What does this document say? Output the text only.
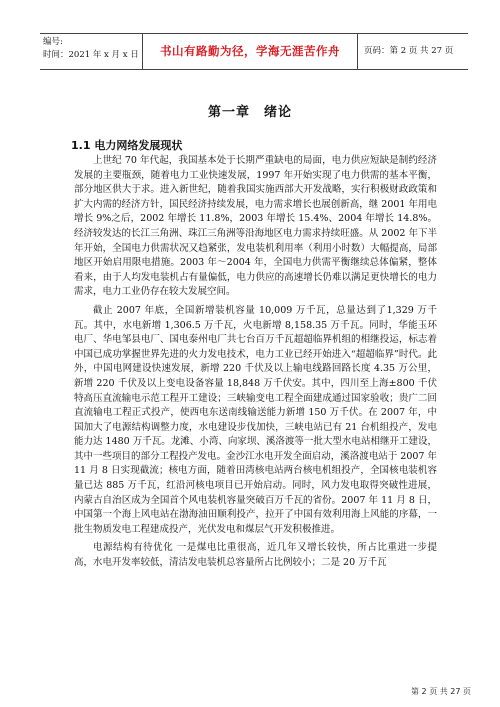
编号:
时间：2021 年 x 月 x 日 书山有路勤为径，学海无涯苦作舟	页码：第 2 页 共 27 页
第一章　绪论
1.1 电力网络发展现状

上世纪 70 年代起，我国基本处于长期严重缺电的局面，电力供应短缺是制约经济发展的主要瓶颈，随着电力工业快速发展，1997 年开始实现了电力供需的基本平衡，部分地区供大于求。进入新世纪，随着我国实施西部大开发战略，实行积极财政政策和扩大内需的经济方针，国民经济持续发展，电力需求增长也展创新高，继 2001 年用电增长 9%之后，2002 年增长 11.8%，2003 年增长 15.4%、2004 年增长 14.8%。经济较发达的长江三角洲、珠江三角洲等沿海地区电力需求持续旺盛。从 2002 年下半年开始，全国电力供需状况又趋紧张，发电装机利用率（利用小时数）大幅提高，局部地区开始启用限电措施。2003 年～2004 年，全国电力供需平衡继续总体偏紧，整体看来，由于人均发电装机占有量偏低，电力供应的高速增长仍难以满足更快增长的电力需求，电力工业仍存在较大发展空间。

截止 2007 年底，全国新增装机容量 10,009 万千瓦，总量达到了1,329 万千瓦。其中，水电新增 1,306.5 万千瓦，火电新增 8,158.35 万千瓦。同时，华能玉环电厂、华电邹县电厂、国电泰州电厂共七台百万千瓦超超临界机组的相继投运，标志着中国已成功掌握世界先进的火力发电技术，电力工业已经开始进入“超超临界”时代。此外，中国电网建设快速发展，新增 220 千伏及以上输电线路回路长度 4.35 万公里，新增 220 千伏及以上变电设备容量 18,848 万千伏安。其中，四川至上海±800 千伏特高压直流输电示范工程开工建设；三峡输变电工程全面建成通过国家验收；贵广二回直流输电工程正式投产，使西电东送南线输送能力新增 150 万千伏。在 2007 年，中国加大了电源结构调整力度，水电建设步伐加快，三峡电站已有 21 台机组投产，发电能力达 1480 万千瓦。龙滩、小湾、向家坝、溪洛渡等一批大型水电站相继开工建设，其中一些项目的部分工程投产发电。金沙江水电开发全面启动，溪洛渡电站于 2007 年 11 月 8 日实现截流；核电方面，随着田湾核电站两台核电机组投产，全国核电装机容量已达 885 万千瓦，红沿河核电项目已开始启动。同时，风力发电取得突破性进展，内蒙古自治区成为全国首个风电装机容量突破百万千瓦的省份。2007 年 11 月 8 日，中国第一个海上风电站在渤海油田顺利投产，拉开了中国有效利用海上风能的序幕，一批生物质发电工程建成投产，光伏发电和煤层气开发积极推进。

电源结构有待优化 一是煤电比重很高，近几年又增长较快，所占比重进一步提高，水电开发率较低，清洁发电装机总容量所占比例较小；二是 20 万千瓦

第 2 页 共 27 页
